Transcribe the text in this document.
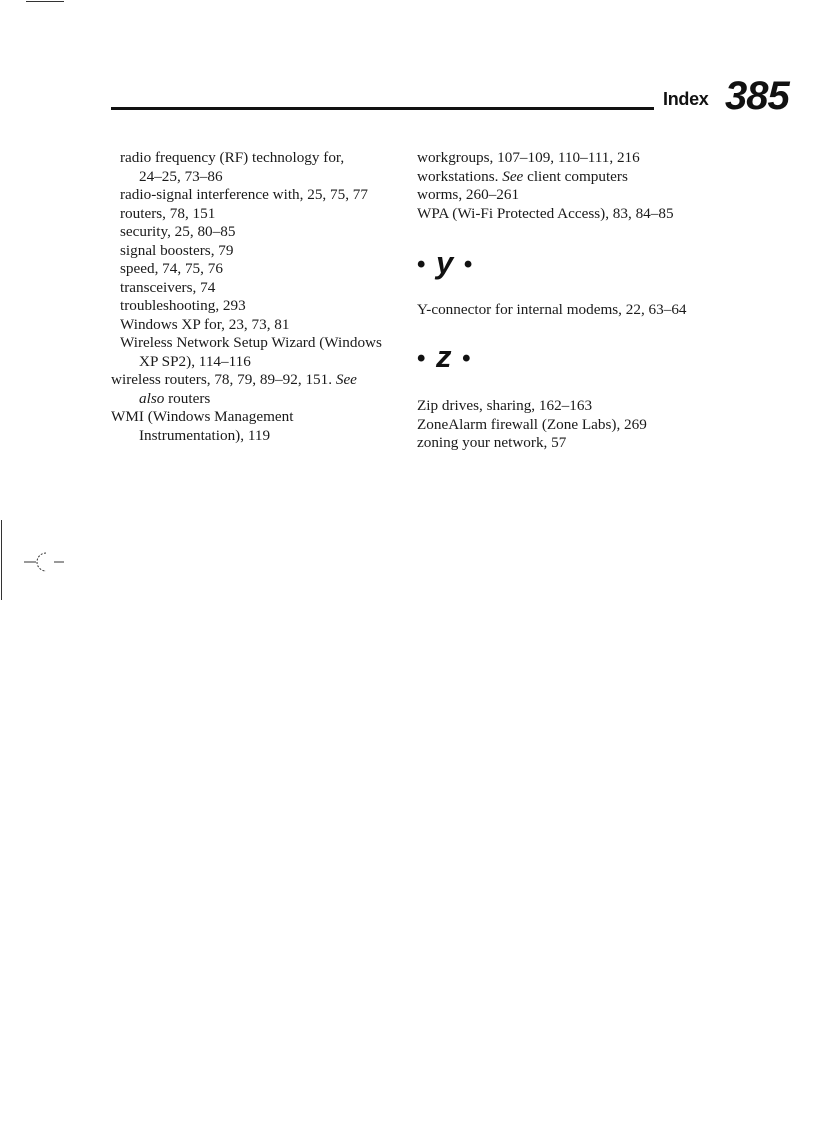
Index 385

radio frequency (RF) technology for,

24–25, 73–86

radio-signal interference with, 25, 75, 77

routers, 78, 151

security, 25, 80–85

signal boosters, 79

speed, 74, 75, 76

transceivers, 74

troubleshooting, 293

Windows XP for, 23, 73, 81

Wireless Network Setup Wizard (Windows

XP SP2), 114–116

wireless routers, 78, 79, 89–92, 151. See

also routers

WMI (Windows Management

Instrumentation), 119

workgroups, 107–109, 110–111, 216

workstations. See client computers

worms, 260–261

WPA (Wi-Fi Protected Access), 83, 84–85

• y •

Y-connector for internal modems, 22, 63–64

• z •

Zip drives, sharing, 162–163

ZoneAlarm firewall (Zone Labs), 269

zoning your network, 57
